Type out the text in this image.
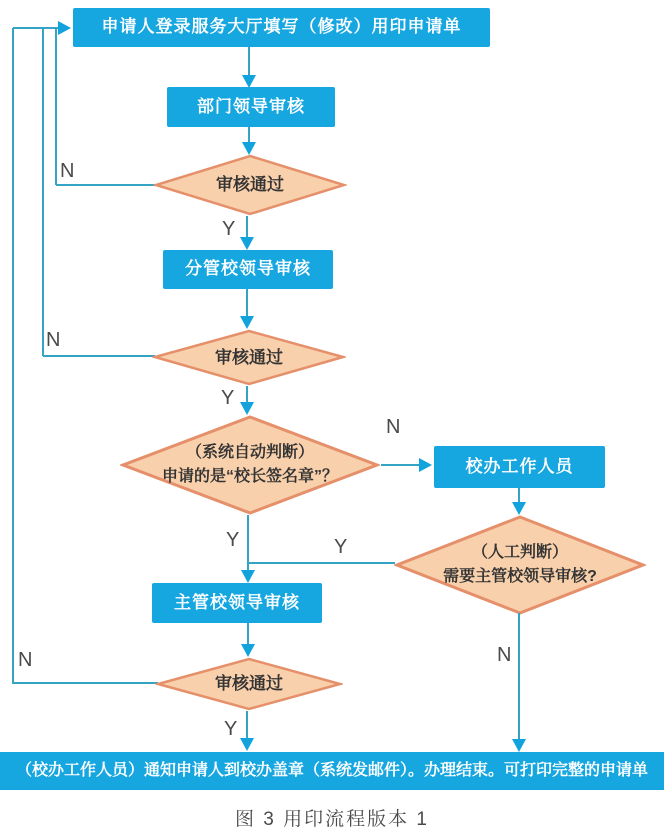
申请人登录服务大厅填写（修改）用印申请单
部门领导审核
审核通过
N
Y
分管校领导审核
审核通过
N
Y
（系统自动判断）
申请的是“校长签名章”？
N
Y
校办工作人员
（人工判断）
需要主管校领导审核?
Y
N
主管校领导审核
审核通过
N
Y
（校办工作人员）通知申请人到校办盖章（系统发邮件）。办理结束。可打印完整的申请单
图 3 用印流程版本 1
